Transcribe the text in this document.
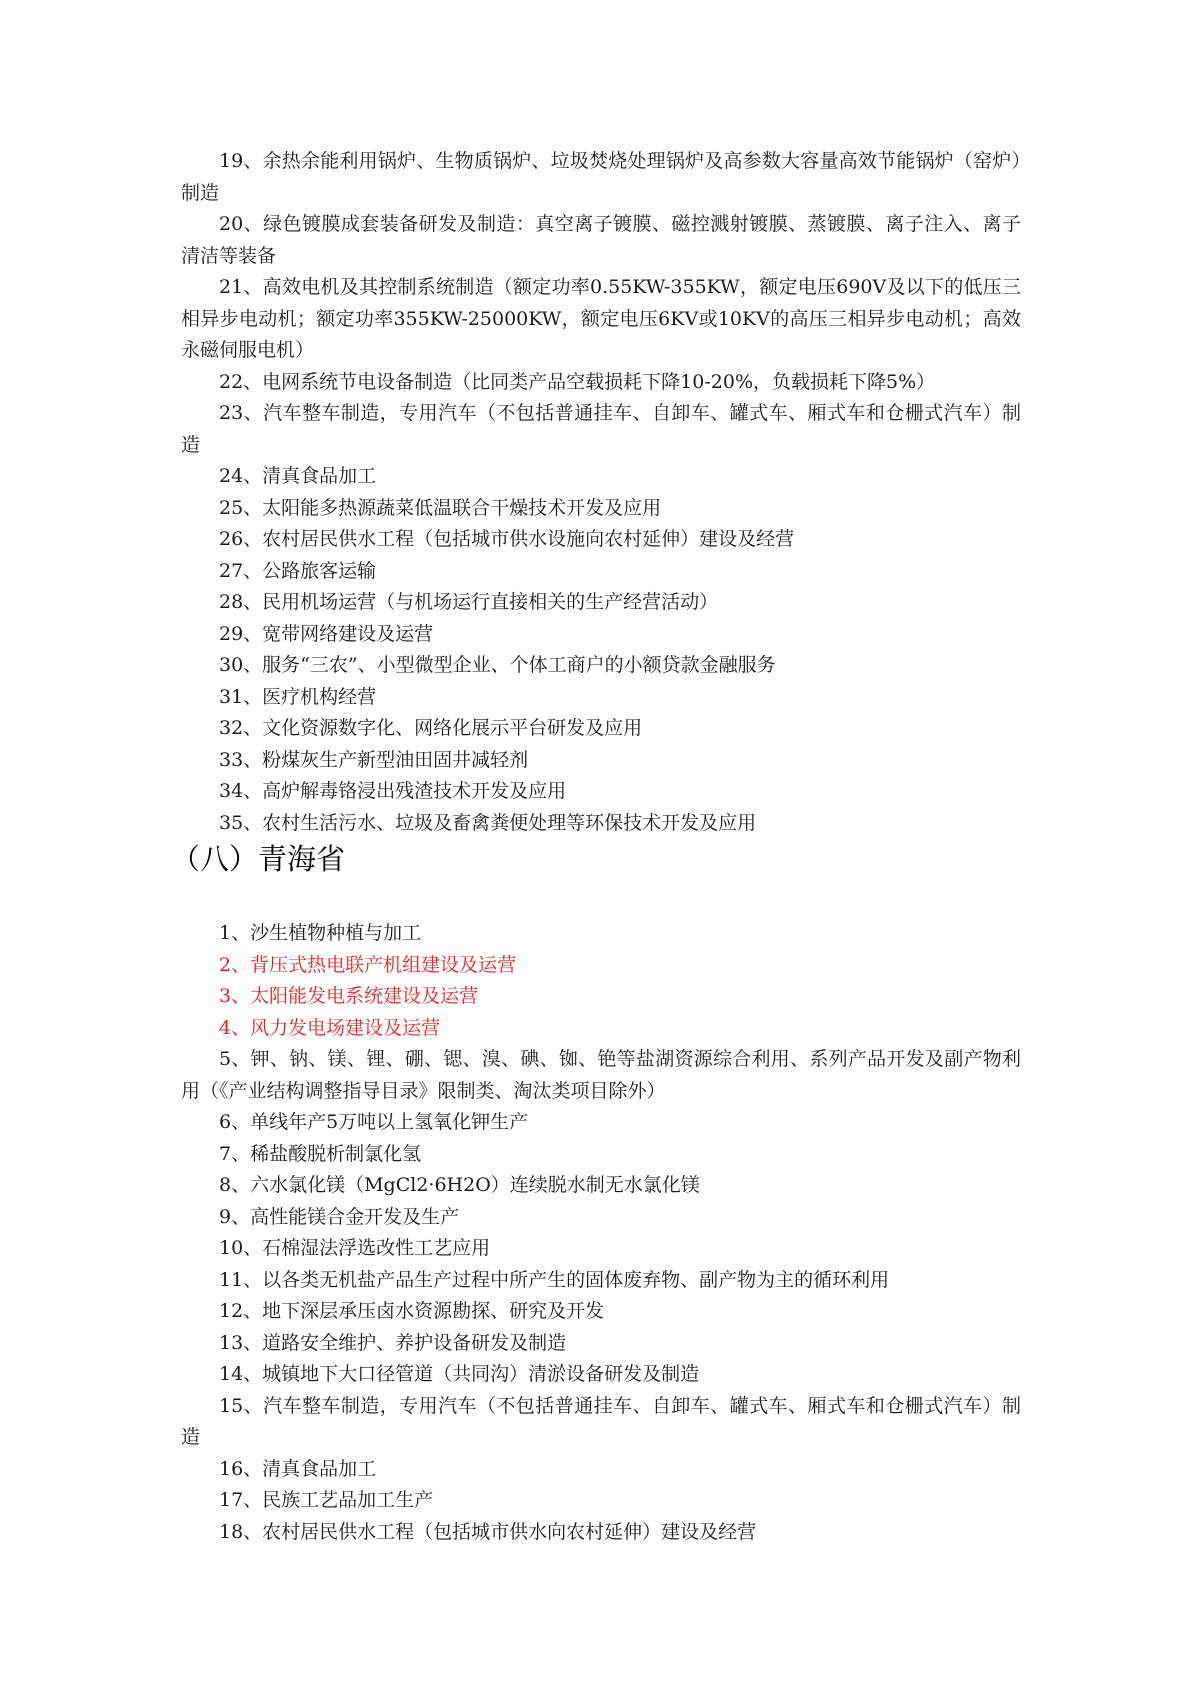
19、余热余能利用锅炉、生物质锅炉、垃圾焚烧处理锅炉及高参数大容量高效节能锅炉（窑炉）制造

20、绿色镀膜成套装备研发及制造：真空离子镀膜、磁控溅射镀膜、蒸镀膜、离子注入、离子清洁等装备

21、高效电机及其控制系统制造（额定功率0.55KW-355KW，额定电压690V及以下的低压三相异步电动机；额定功率355KW-25000KW，额定电压6KV或10KV的高压三相异步电动机；高效永磁伺服电机）

22、电网系统节电设备制造（比同类产品空载损耗下降10-20%，负载损耗下降5%）

23、汽车整车制造，专用汽车（不包括普通挂车、自卸车、罐式车、厢式车和仓栅式汽车）制造

24、清真食品加工

25、太阳能多热源蔬菜低温联合干燥技术开发及应用

26、农村居民供水工程（包括城市供水设施向农村延伸）建设及经营

27、公路旅客运输

28、民用机场运营（与机场运行直接相关的生产经营活动）

29、宽带网络建设及运营

30、服务“三农”、小型微型企业、个体工商户的小额贷款金融服务

31、医疗机构经营

32、文化资源数字化、网络化展示平台研发及应用

33、粉煤灰生产新型油田固井减轻剂

34、高炉解毒铬浸出残渣技术开发及应用

35、农村生活污水、垃圾及畜禽粪便处理等环保技术开发及应用

（八）青海省

1、沙生植物种植与加工

2、背压式热电联产机组建设及运营

3、太阳能发电系统建设及运营

4、风力发电场建设及运营

5、钾、钠、镁、锂、硼、锶、溴、碘、铷、铯等盐湖资源综合利用、系列产品开发及副产物利用（《产业结构调整指导目录》限制类、淘汰类项目除外）

6、单线年产5万吨以上氢氧化钾生产

7、稀盐酸脱析制氯化氢

8、六水氯化镁（MgCl2·6H2O）连续脱水制无水氯化镁

9、高性能镁合金开发及生产

10、石棉湿法浮选改性工艺应用

11、以各类无机盐产品生产过程中所产生的固体废弃物、副产物为主的循环利用

12、地下深层承压卤水资源勘探、研究及开发

13、道路安全维护、养护设备研发及制造

14、城镇地下大口径管道（共同沟）清淤设备研发及制造

15、汽车整车制造，专用汽车（不包括普通挂车、自卸车、罐式车、厢式车和仓栅式汽车）制造

16、清真食品加工

17、民族工艺品加工生产

18、农村居民供水工程（包括城市供水向农村延伸）建设及经营
